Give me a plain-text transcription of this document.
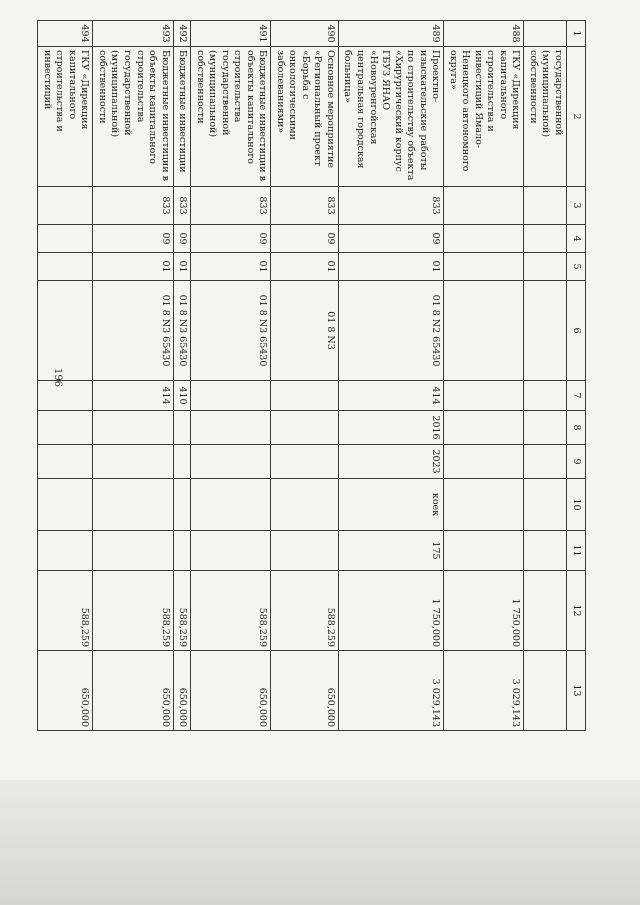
196
1	2	3	4	5	6	7	8	9	10	11	12	13
	государственной (муниципальной) собственности											
488	ГКУ «Дирекция капитального строительства и инвестиций Ямало-Ненецкого автономного округа»										1 750,000	3 029,143
489	Проектно-изыскательские работы по строительству объекта «Хирургический корпус ГБУЗ ЯНАО «Новоуренгойская центральная городская больница»	833	09	01	01 8 N2 65430	414	2016	2023	коек	175	1 750,000	3 029,143
490	Основное мероприятие «Региональный проект «Борьба с онкологическими заболеваниями»	833	09	01	01 8 N3						588,259	650,000
491	Бюджетные инвестиции в объекты капитального строительства государственной (муниципальной) собственности	833	09	01	01 8 N3 65430						588,259	650,000
492	Бюджетные инвестиции	833	09	01	01 8 N3 65430	410					588,259	650,000
493	Бюджетные инвестиции в объекты капитального строительства государственной (муниципальной) собственности	833	09	01	01 8 N3 65430	414					588,259	650,000
494	ГКУ «Дирекция капитального строительства и инвестиций										588,259	650,000
